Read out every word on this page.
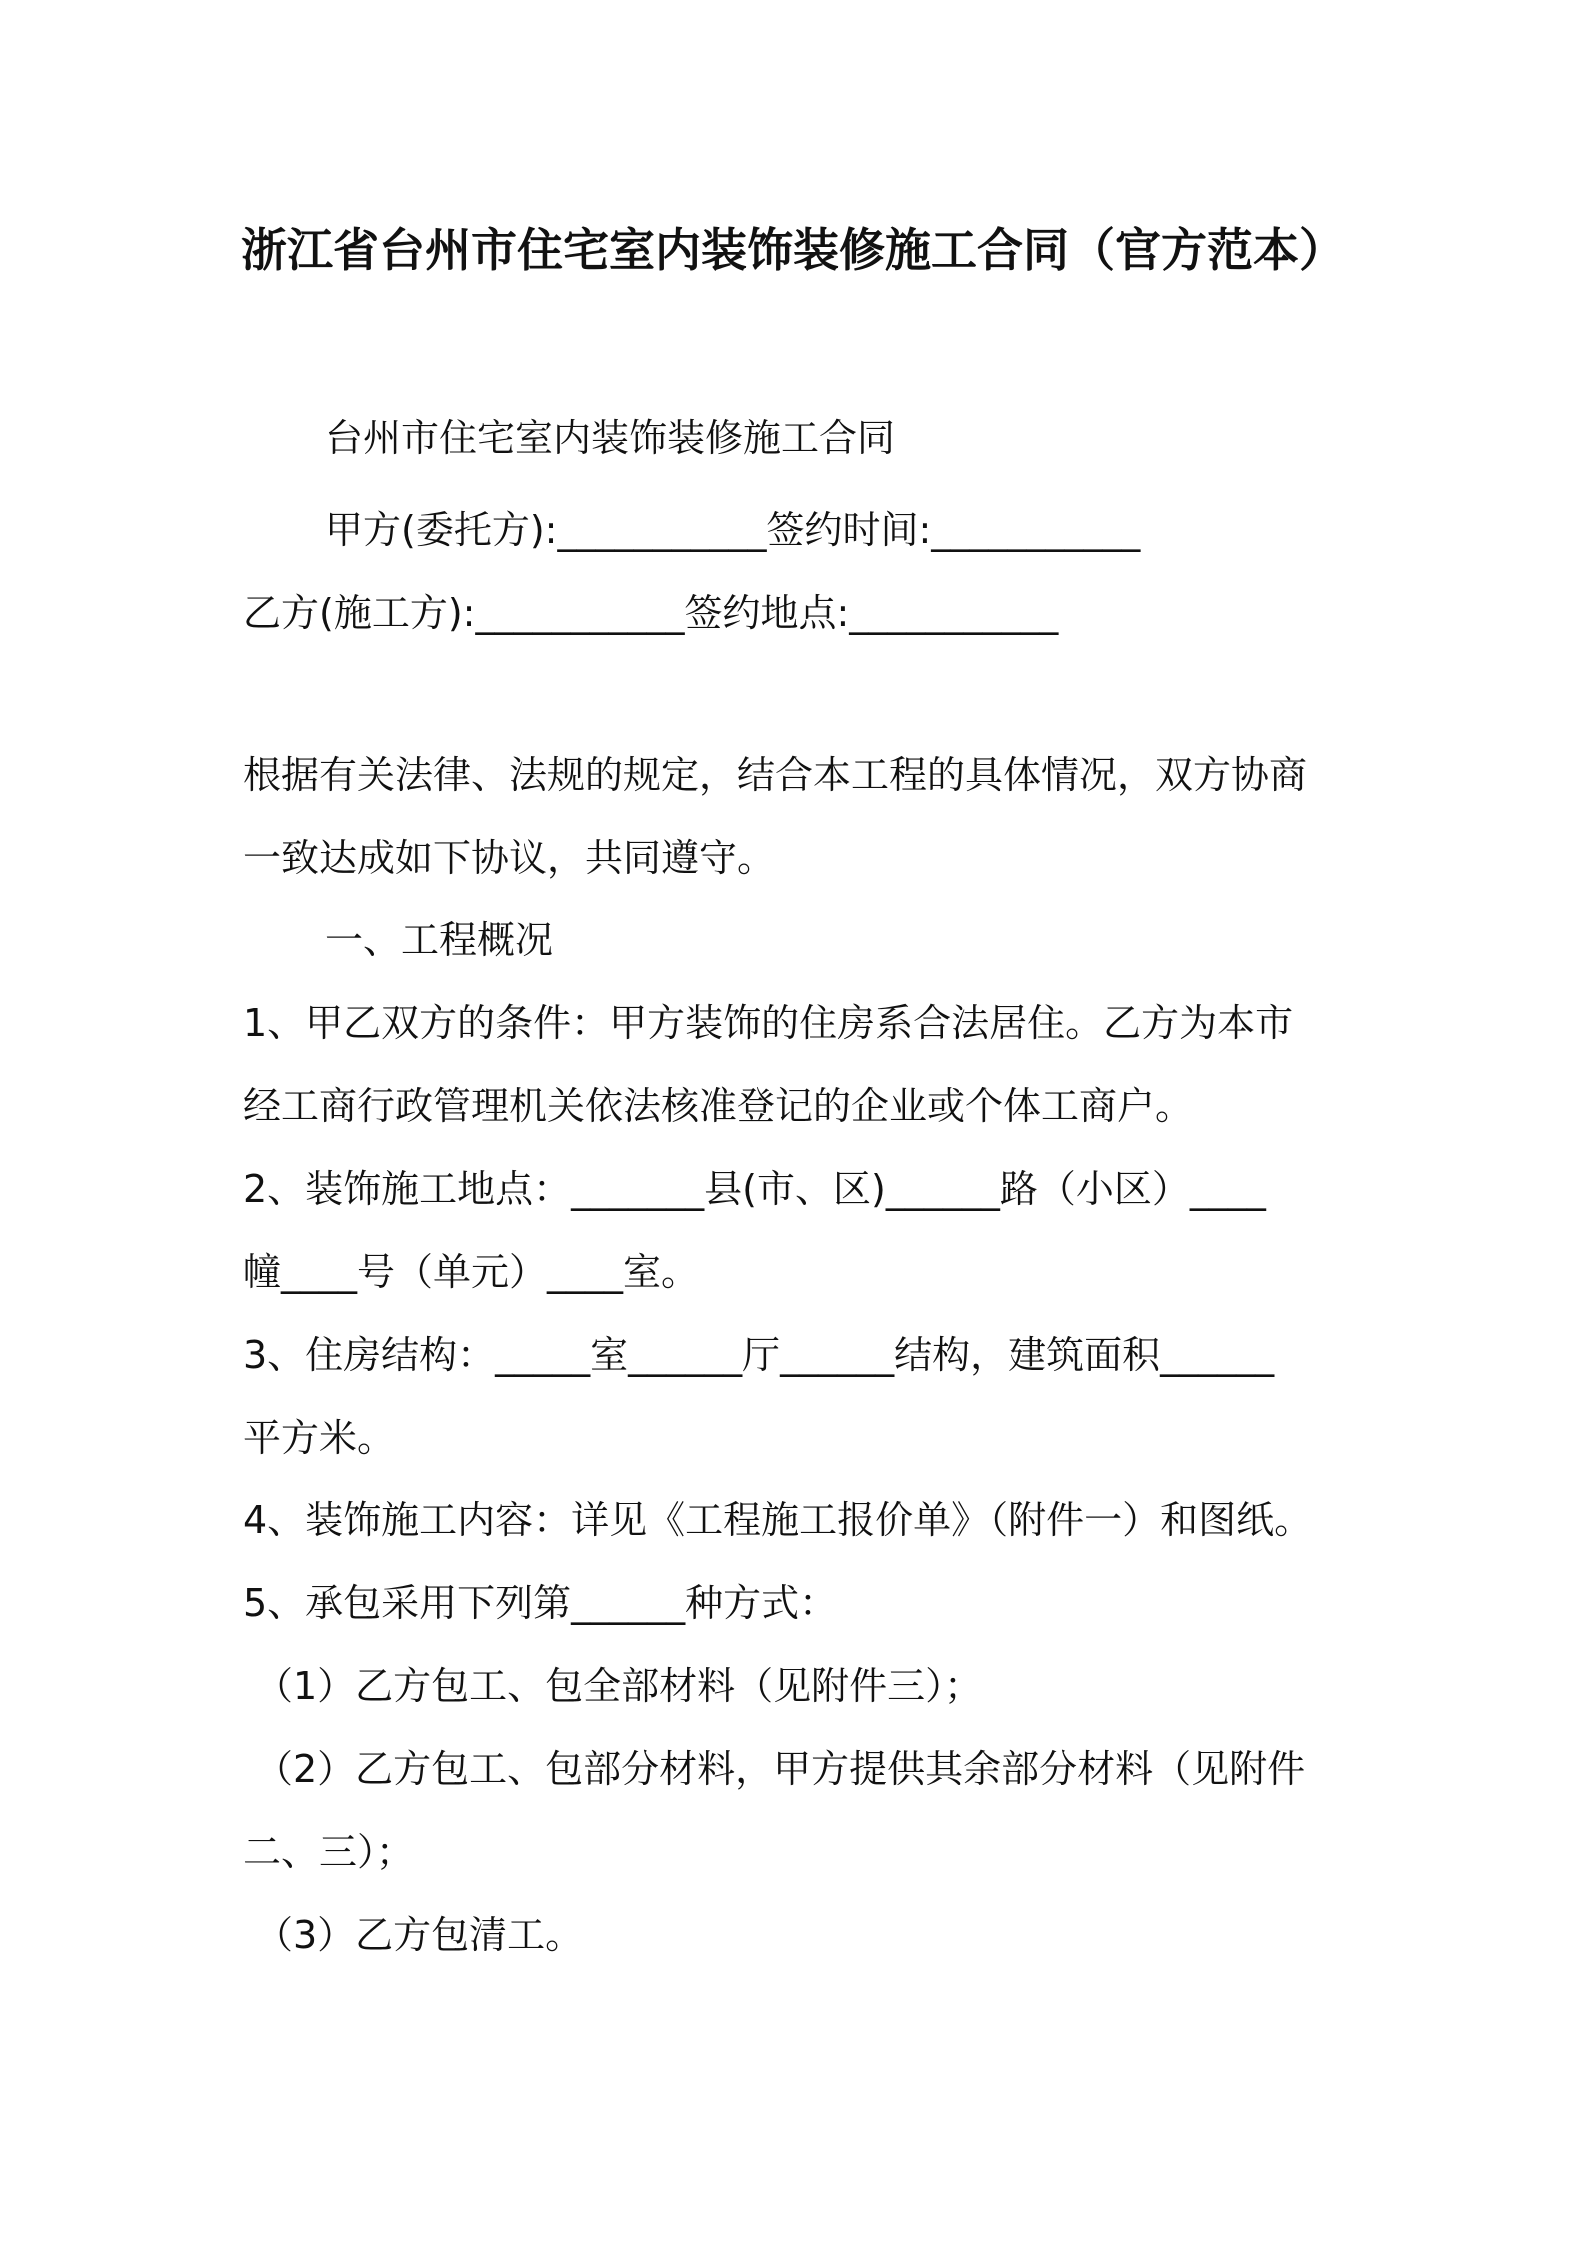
浙江省台州市住宅室内装饰装修施工合同（官方范本）
台州市住宅室内装饰装修施工合同
甲方(委托方):___________签约时间:___________
乙方(施工方):___________签约地点:___________
根据有关法律、法规的规定，结合本工程的具体情况，双方协商
一致达成如下协议，共同遵守。
一、工程概况
1、甲乙双方的条件：甲方装饰的住房系合法居住。乙方为本市
经工商行政管理机关依法核准登记的企业或个体工商户。
2、装饰施工地点：_______县(市、区)______路（小区）____
幢____号（单元）____室。
3、住房结构：_____室______厅______结构，建筑面积______
平方米。
4、装饰施工内容：详见《工程施工报价单》（附件一）和图纸。
5、承包采用下列第______种方式：
（1）乙方包工、包全部材料（见附件三）；
（2）乙方包工、包部分材料，甲方提供其余部分材料（见附件
二、三）；
（3）乙方包清工。
